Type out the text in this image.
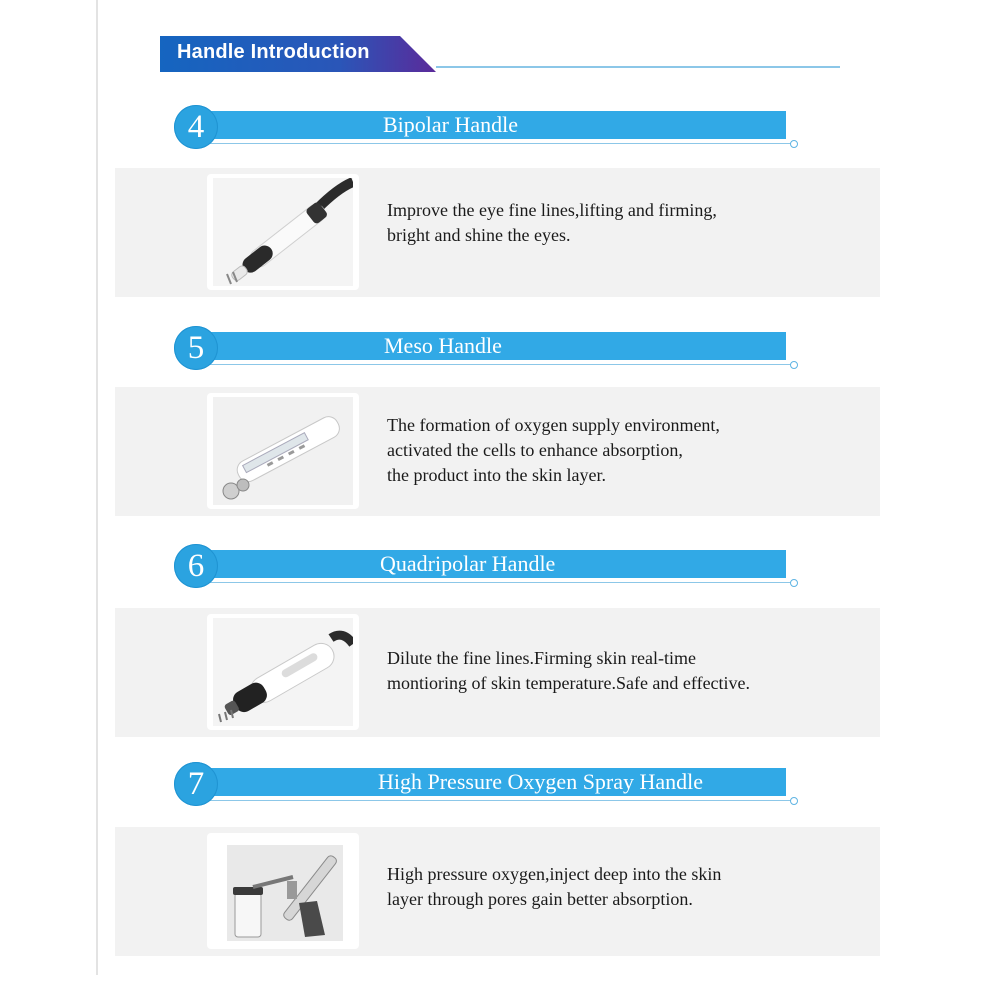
Handle Introduction
4	Bipolar Handle
Improve the eye fine lines,lifting and firming,
bright and shine the eyes.
5	Meso Handle
The formation of oxygen supply environment,
activated the cells to enhance absorption,
the product into the skin layer.
6	Quadripolar Handle
Dilute the fine lines.Firming skin real-time
montioring of skin temperature.Safe and effective.
7	High Pressure Oxygen Spray Handle
High pressure oxygen,inject deep into the skin
layer through pores gain better absorption.
